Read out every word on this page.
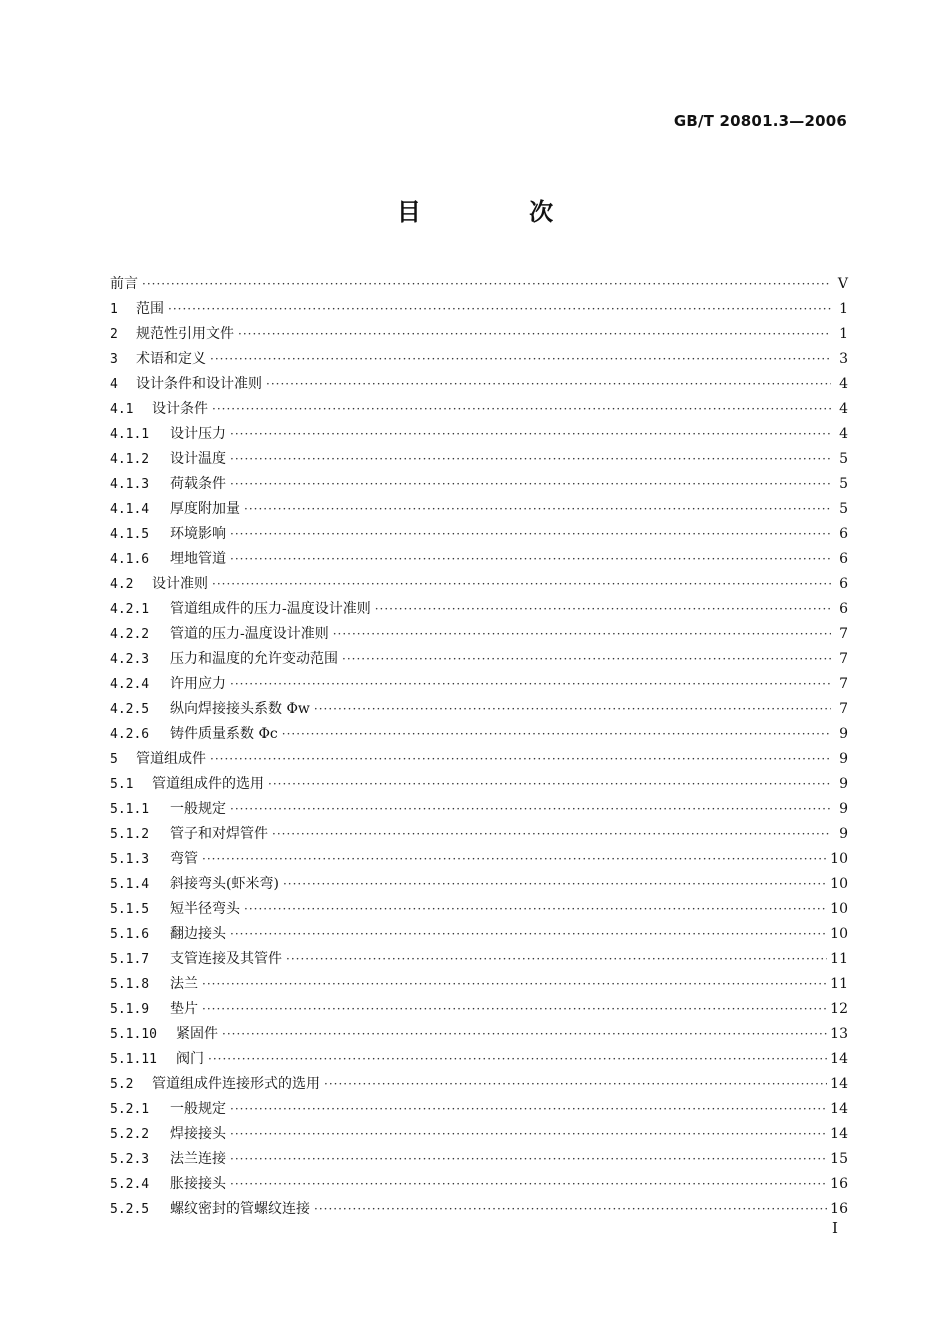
GB/T 20801.3—2006
目 次
前言 ·····	V
1	范围 ·····	1
2	规范性引用文件 ·····	1
3	术语和定义 ·····	3
4	设计条件和设计准则 ·····	4
4.1	设计条件 ·····	4
4.1.1	设计压力 ·····	4
4.1.2	设计温度 ·····	5
4.1.3	荷载条件 ·····	5
4.1.4	厚度附加量 ·····	5
4.1.5	环境影响 ·····	6
4.1.6	埋地管道 ·····	6
4.2	设计准则 ·····	6
4.2.1	管道组成件的压力-温度设计准则 ·····	6
4.2.2	管道的压力-温度设计准则 ·····	7
4.2.3	压力和温度的允许变动范围 ·····	7
4.2.4	许用应力 ·····	7
4.2.5	纵向焊接接头系数 Φw ·····	7
4.2.6	铸件质量系数 Φc ·····	9
5	管道组成件 ·····	9
5.1	管道组成件的选用 ·····	9
5.1.1	一般规定 ·····	9
5.1.2	管子和对焊管件 ·····	9
5.1.3	弯管 ·····	10
5.1.4	斜接弯头(虾米弯) ·····	10
5.1.5	短半径弯头 ·····	10
5.1.6	翻边接头 ·····	10
5.1.7	支管连接及其管件 ·····	11
5.1.8	法兰 ·····	11
5.1.9	垫片 ·····	12
5.1.10	紧固件 ·····	13
5.1.11	阀门 ·····	14
5.2	管道组成件连接形式的选用 ·····	14
5.2.1	一般规定 ·····	14
5.2.2	焊接接头 ·····	14
5.2.3	法兰连接 ·····	15
5.2.4	胀接接头 ·····	16
5.2.5	螺纹密封的管螺纹连接 ·····	16
I
